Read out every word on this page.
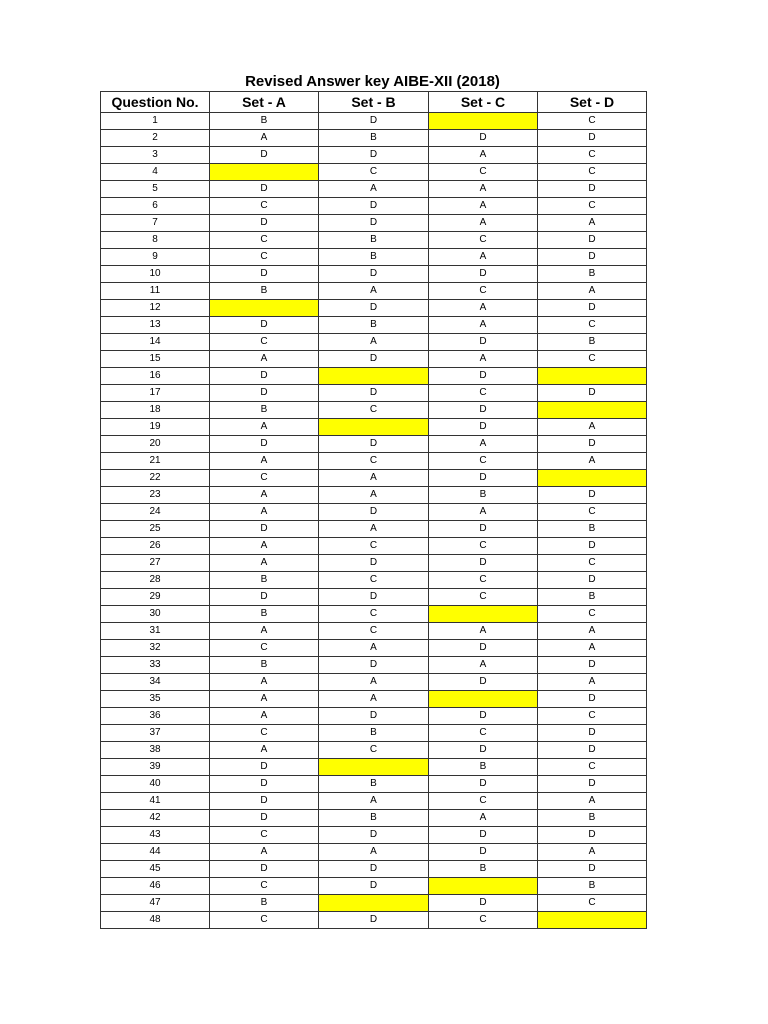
Revised Answer key AIBE-XII (2018)
Question No.	Set - A	Set - B	Set - C	Set - D
1	B	D		C
2	A	B	D	D
3	D	D	A	C
4		C	C	C
5	D	A	A	D
6	C	D	A	C
7	D	D	A	A
8	C	B	C	D
9	C	B	A	D
10	D	D	D	B
11	B	A	C	A
12		D	A	D
13	D	B	A	C
14	C	A	D	B
15	A	D	A	C
16	D		D	
17	D	D	C	D
18	B	C	D	
19	A		D	A
20	D	D	A	D
21	A	C	C	A
22	C	A	D	
23	A	A	B	D
24	A	D	A	C
25	D	A	D	B
26	A	C	C	D
27	A	D	D	C
28	B	C	C	D
29	D	D	C	B
30	B	C		C
31	A	C	A	A
32	C	A	D	A
33	B	D	A	D
34	A	A	D	A
35	A	A		D
36	A	D	D	C
37	C	B	C	D
38	A	C	D	D
39	D		B	C
40	D	B	D	D
41	D	A	C	A
42	D	B	A	B
43	C	D	D	D
44	A	A	D	A
45	D	D	B	D
46	C	D		B
47	B		D	C
48	C	D	C	
